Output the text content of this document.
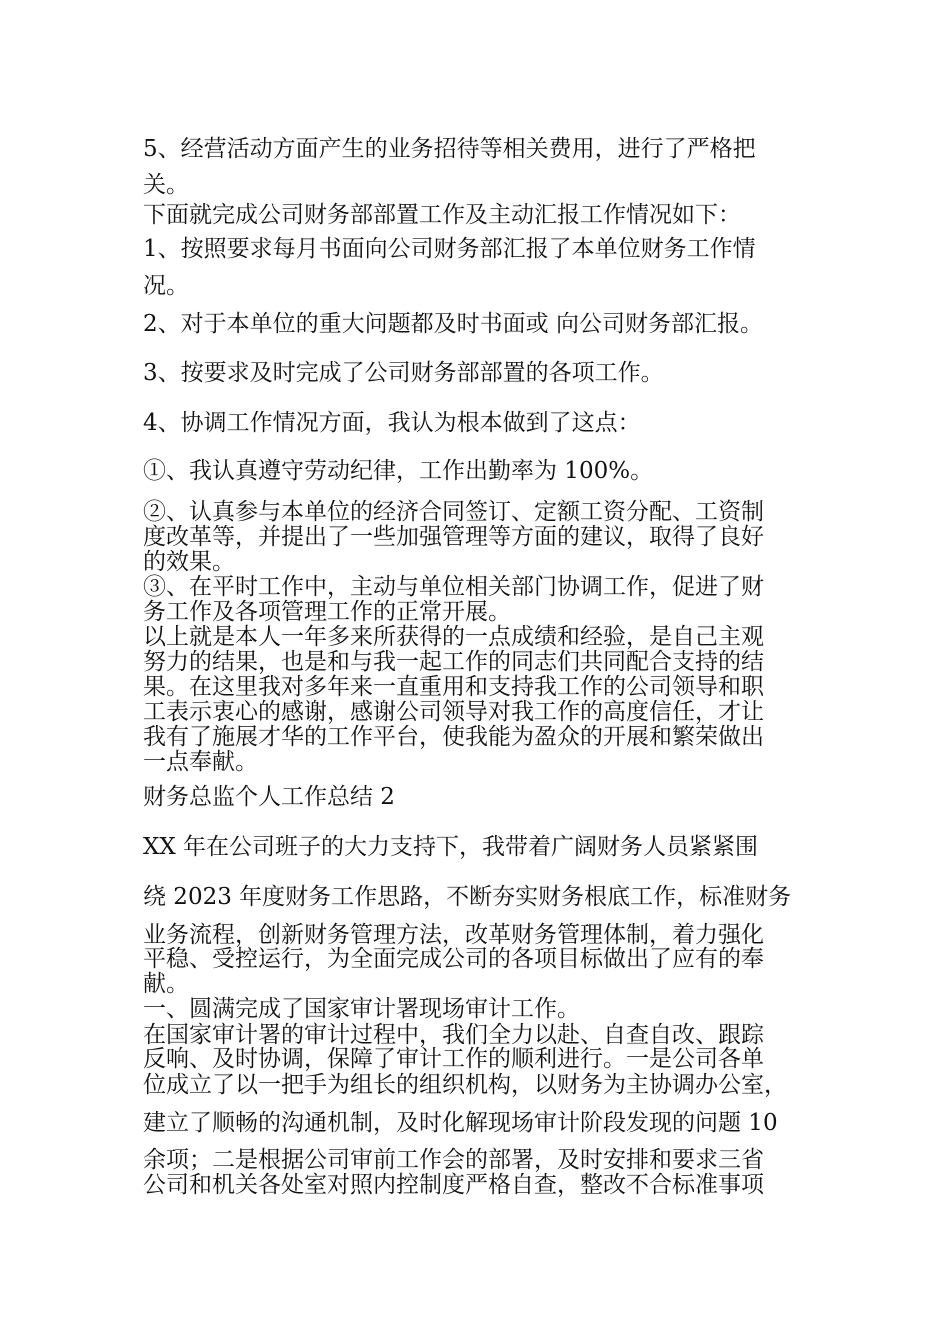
5、经营活动方面产生的业务招待等相关费用，进行了严格把
关。
下面就完成公司财务部部置工作及主动汇报工作情况如下：
1、按照要求每月书面向公司财务部汇报了本单位财务工作情
况。
2、对于本单位的重大问题都及时书面或 向公司财务部汇报。
3、按要求及时完成了公司财务部部置的各项工作。
4、协调工作情况方面，我认为根本做到了这点：
①、我认真遵守劳动纪律，工作出勤率为 100%。
②、认真参与本单位的经济合同签订、定额工资分配、工资制
度改革等，并提出了一些加强管理等方面的建议，取得了良好
的效果。
③、在平时工作中，主动与单位相关部门协调工作，促进了财
务工作及各项管理工作的正常开展。
以上就是本人一年多来所获得的一点成绩和经验，是自己主观
努力的结果，也是和与我一起工作的同志们共同配合支持的结
果。在这里我对多年来一直重用和支持我工作的公司领导和职
工表示衷心的感谢，感谢公司领导对我工作的高度信任，才让
我有了施展才华的工作平台，使我能为盈众的开展和繁荣做出
一点奉献。
财务总监个人工作总结 2
XX 年在公司班子的大力支持下，我带着广阔财务人员紧紧围
绕 2023 年度财务工作思路，不断夯实财务根底工作，标准财务
业务流程，创新财务管理方法，改革财务管理体制，着力强化
平稳、受控运行，为全面完成公司的各项目标做出了应有的奉
献。
一、圆满完成了国家审计署现场审计工作。
在国家审计署的审计过程中，我们全力以赴、自查自改、跟踪
反响、及时协调，保障了审计工作的顺利进行。一是公司各单
位成立了以一把手为组长的组织机构，以财务为主协调办公室，
建立了顺畅的沟通机制，及时化解现场审计阶段发现的问题 10
余项；二是根据公司审前工作会的部署，及时安排和要求三省
公司和机关各处室对照内控制度严格自查，整改不合标准事项
